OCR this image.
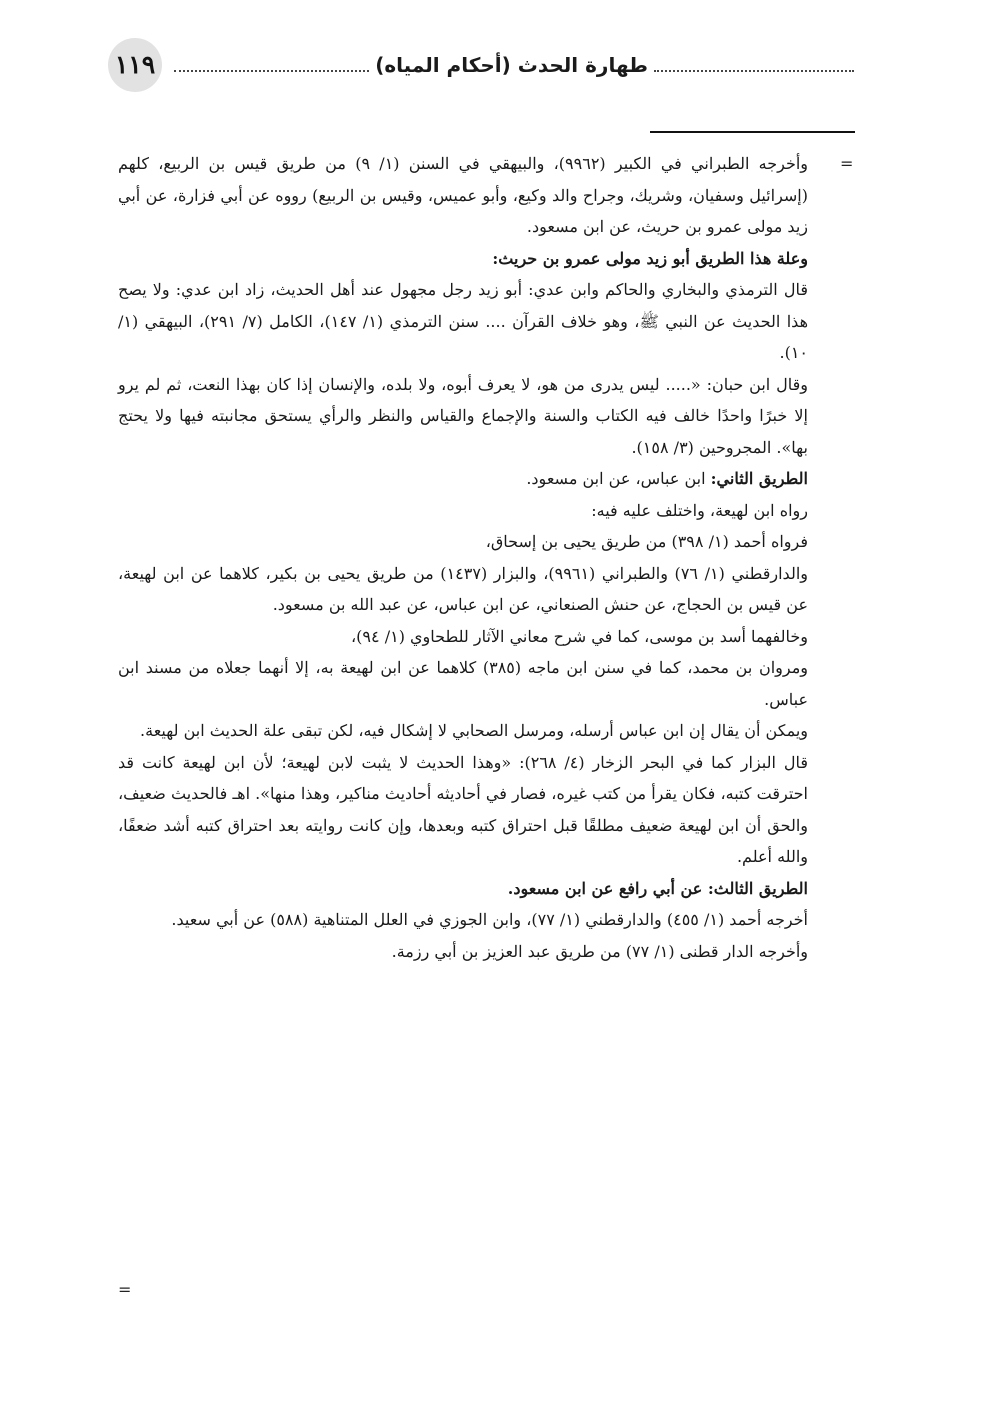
١١٩	طهارة الحدث (أحكام المياه)
=

وأخرجه الطبراني في الكبير (٩٩٦٢)، والبيهقي في السنن (١/ ٩) من طريق قيس بن الربيع، كلهم (إسرائيل وسفيان، وشريك، وجراح والد وكيع، وأبو عميس، وقيس بن الربيع) رووه عن أبي فزارة، عن أبي زيد مولى عمرو بن حريث، عن ابن مسعود.

وعلة هذا الطريق أبو زيد مولى عمرو بن حريث:

قال الترمذي والبخاري والحاكم وابن عدي: أبو زيد رجل مجهول عند أهل الحديث، زاد ابن عدي: ولا يصح هذا الحديث عن النبي ﷺ، وهو خلاف القرآن .... سنن الترمذي (١/ ١٤٧)، الكامل (٧/ ٢٩١)، البيهقي (١/ ١٠).

وقال ابن حبان: «..... ليس يدرى من هو، لا يعرف أبوه، ولا بلده، والإنسان إذا كان بهذا النعت، ثم لم يرو إلا خبرًا واحدًا خالف فيه الكتاب والسنة والإجماع والقياس والنظر والرأي يستحق مجانبته فيها ولا يحتج بها». المجروحين (٣/ ١٥٨).

الطريق الثاني: ابن عباس، عن ابن مسعود.

رواه ابن لهيعة، واختلف عليه فيه:

فرواه أحمد (١/ ٣٩٨) من طريق يحيى بن إسحاق،

والدارقطني (١/ ٧٦) والطبراني (٩٩٦١)، والبزار (١٤٣٧) من طريق يحيى بن بكير، كلاهما عن ابن لهيعة، عن قيس بن الحجاج، عن حنش الصنعاني، عن ابن عباس، عن عبد الله بن مسعود.

وخالفهما أسد بن موسى، كما في شرح معاني الآثار للطحاوي (١/ ٩٤)،

ومروان بن محمد، كما في سنن ابن ماجه (٣٨٥) كلاهما عن ابن لهيعة به، إلا أنهما جعلاه من مسند ابن عباس.

ويمكن أن يقال إن ابن عباس أرسله، ومرسل الصحابي لا إشكال فيه، لكن تبقى علة الحديث ابن لهيعة.

قال البزار كما في البحر الزخار (٤/ ٢٦٨): «وهذا الحديث لا يثبت لابن لهيعة؛ لأن ابن لهيعة كانت قد احترقت كتبه، فكان يقرأ من كتب غيره، فصار في أحاديثه أحاديث مناكير، وهذا منها». اهـ فالحديث ضعيف، والحق أن ابن لهيعة ضعيف مطلقًا قبل احتراق كتبه وبعدها، وإن كانت روايته بعد احتراق كتبه أشد ضعفًا، والله أعلم.

الطريق الثالث: عن أبي رافع عن ابن مسعود.

أخرجه أحمد (١/ ٤٥٥) والدارقطني (١/ ٧٧)، وابن الجوزي في العلل المتناهية (٥٨٨) عن أبي سعيد.

وأخرجه الدار قطنى (١/ ٧٧) من طريق عبد العزيز بن أبي رزمة.

=
